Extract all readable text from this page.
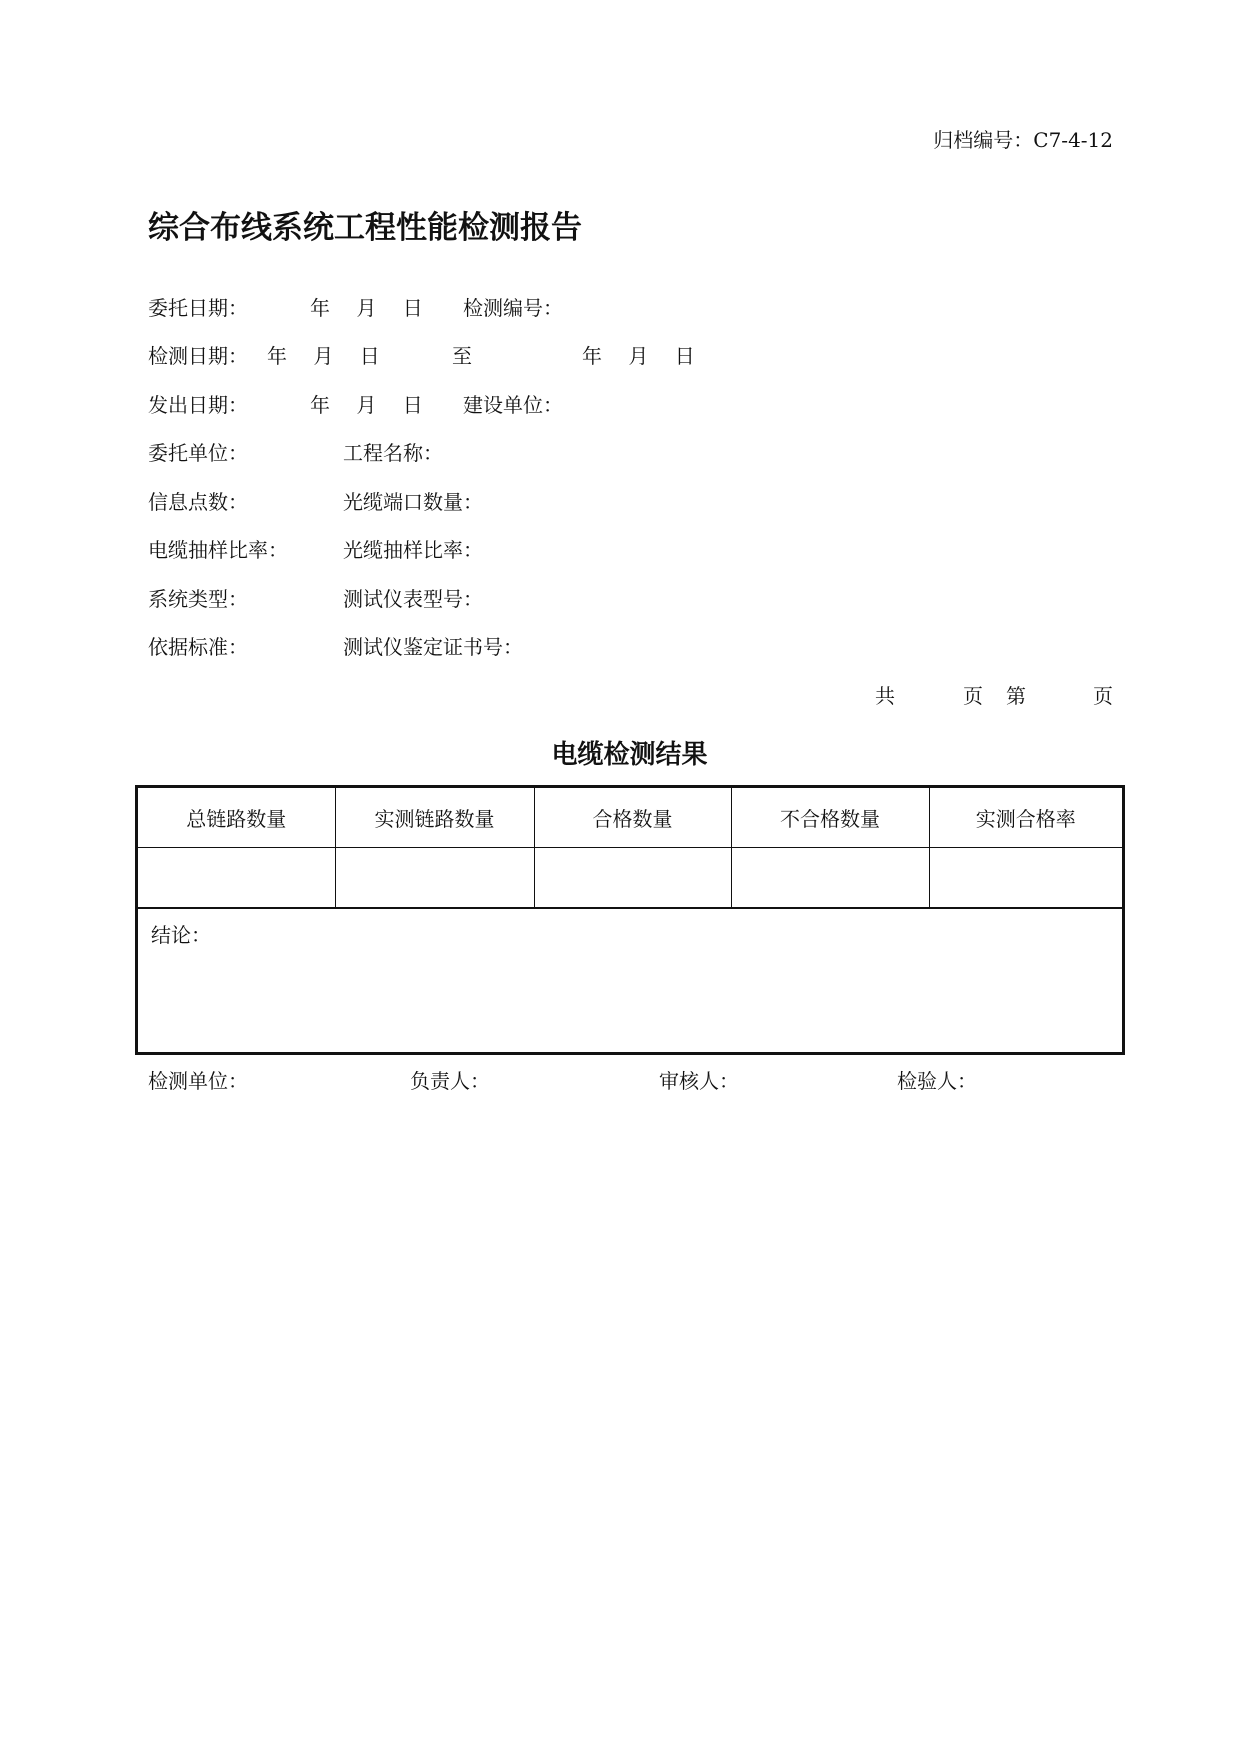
归档编号：C7-4-12
综合布线系统工程性能检测报告
委托日期：	年　 月　 日 检测编号：
检测日期： 年　 月　 日	至	年　 月　 日
发出日期：	年　 月　 日 建设单位：
委托单位：	工程名称：
信息点数：	光缆端口数量：
电缆抽样比率：	光缆抽样比率：
系统类型：	测试仪表型号：
依据标准：	测试仪鉴定证书号：
共	页 第	页
电缆检测结果
总链路数量	实测链路数量	合格数量	不合格数量	实测合格率

结论：
检测单位：	负责人：	审核人：	检验人：
